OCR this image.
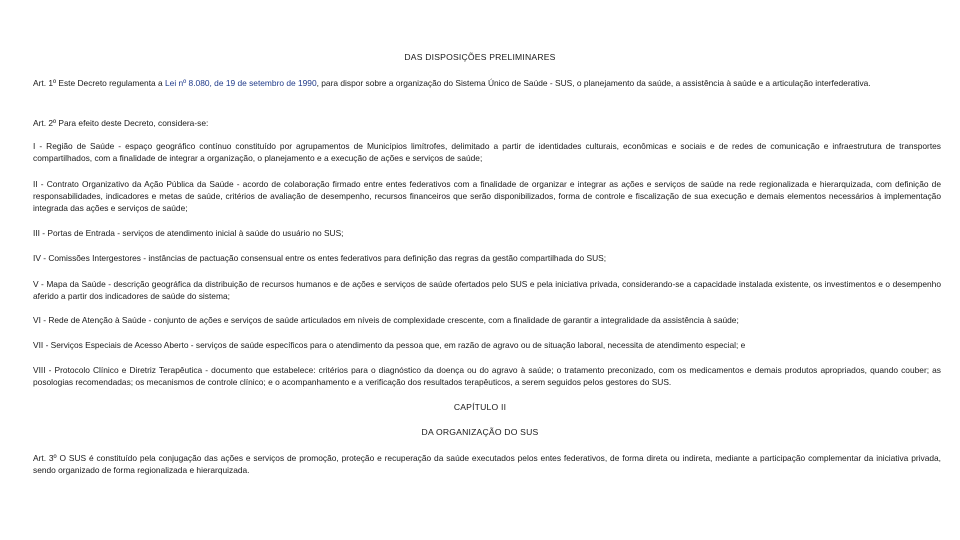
DAS DISPOSIÇÕES PRELIMINARES
Art. 1º Este Decreto regulamenta a Lei nº 8.080, de 19 de setembro de 1990, para dispor sobre a organização do Sistema Único de Saúde - SUS, o planejamento da saúde, a assistência à saúde e a articulação interfederativa.
Art. 2º Para efeito deste Decreto, considera-se:
I - Região de Saúde - espaço geográfico contínuo constituído por agrupamentos de Municípios limítrofes, delimitado a partir de identidades culturais, econômicas e sociais e de redes de comunicação e infraestrutura de transportes compartilhados, com a finalidade de integrar a organização, o planejamento e a execução de ações e serviços de saúde;
II - Contrato Organizativo da Ação Pública da Saúde - acordo de colaboração firmado entre entes federativos com a finalidade de organizar e integrar as ações e serviços de saúde na rede regionalizada e hierarquizada, com definição de responsabilidades, indicadores e metas de saúde, critérios de avaliação de desempenho, recursos financeiros que serão disponibilizados, forma de controle e fiscalização de sua execução e demais elementos necessários à implementação integrada das ações e serviços de saúde;
III - Portas de Entrada - serviços de atendimento inicial à saúde do usuário no SUS;
IV - Comissões Intergestores - instâncias de pactuação consensual entre os entes federativos para definição das regras da gestão compartilhada do SUS;
V - Mapa da Saúde - descrição geográfica da distribuição de recursos humanos e de ações e serviços de saúde ofertados pelo SUS e pela iniciativa privada, considerando-se a capacidade instalada existente, os investimentos e o desempenho aferido a partir dos indicadores de saúde do sistema;
VI - Rede de Atenção à Saúde - conjunto de ações e serviços de saúde articulados em níveis de complexidade crescente, com a finalidade de garantir a integralidade da assistência à saúde;
VII - Serviços Especiais de Acesso Aberto - serviços de saúde específicos para o atendimento da pessoa que, em razão de agravo ou de situação laboral, necessita de atendimento especial; e
VIII - Protocolo Clínico e Diretriz Terapêutica - documento que estabelece: critérios para o diagnóstico da doença ou do agravo à saúde; o tratamento preconizado, com os medicamentos e demais produtos apropriados, quando couber; as posologias recomendadas; os mecanismos de controle clínico; e o acompanhamento e a verificação dos resultados terapêuticos, a serem seguidos pelos gestores do SUS.
CAPÍTULO II
DA ORGANIZAÇÃO DO SUS
Art. 3º O SUS é constituído pela conjugação das ações e serviços de promoção, proteção e recuperação da saúde executados pelos entes federativos, de forma direta ou indireta, mediante a participação complementar da iniciativa privada, sendo organizado de forma regionalizada e hierarquizada.
